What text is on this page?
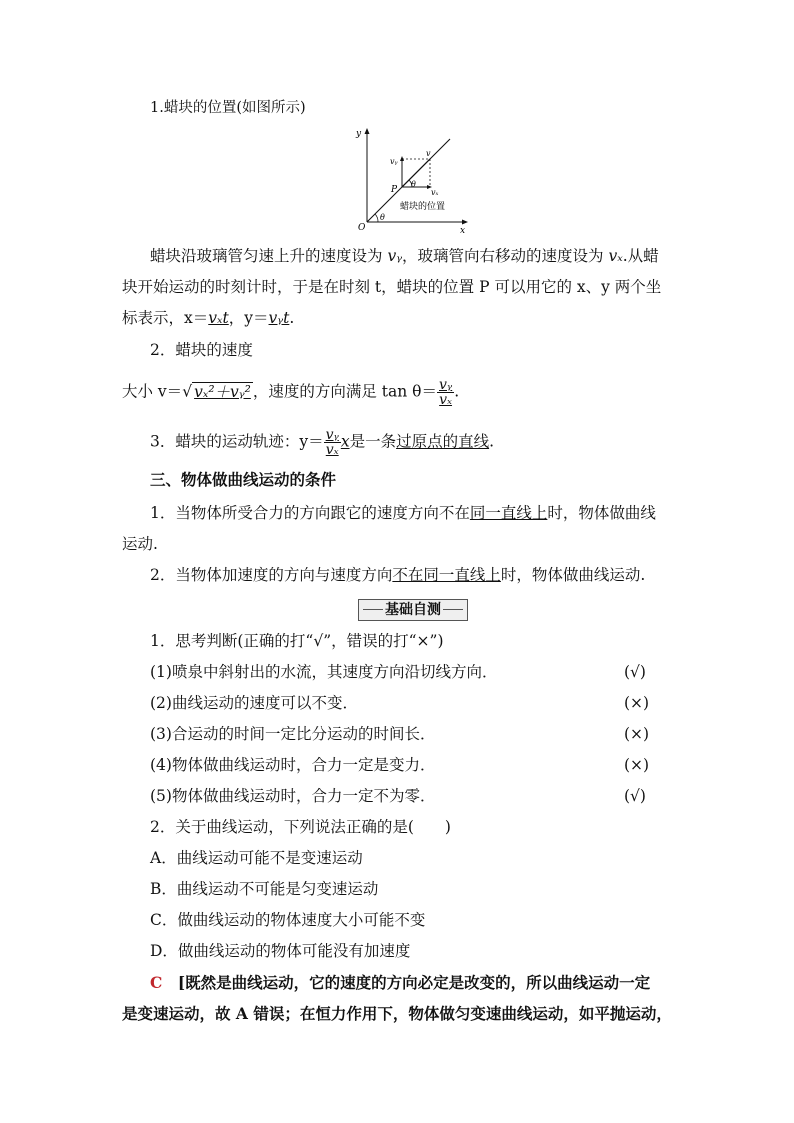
1.蜡块的位置(如图所示)
y
x
O
P
v
vᵧ
vₓ
θ
θ
蜡块的位置
蜡块沿玻璃管匀速上升的速度设为 vᵧ，玻璃管向右移动的速度设为 vₓ.从蜡
块开始运动的时刻计时，于是在时刻 t，蜡块的位置 P 可以用它的 x、y 两个坐
标表示，x＝vₓt，y＝vᵧt.
2．蜡块的速度
大小 v＝√ vₓ²＋vᵧ² ，速度的方向满足 $\tan \theta= \frac{\text{vᵧ}}{\text{vₓ}}$ .
3．蜡块的运动轨迹：$y= \frac{\text{vᵧ}}{\text{vₓ}}$ x是一条过原点的直线.
三、物体做曲线运动的条件
1．当物体所受合力的方向跟它的速度方向不在同一直线上时，物体做曲线
运动.
2．当物体加速度的方向与速度方向不在同一直线上时，物体做曲线运动.
基础自测
1．思考判断(正确的打“√”，错误的打“×”)
(1)喷泉中斜射出的水流，其速度方向沿切线方向．	(√)
(2)曲线运动的速度可以不变．	(×)
(3)合运动的时间一定比分运动的时间长．	(×)
(4)物体做曲线运动时，合力一定是变力．	(×)
(5)物体做曲线运动时，合力一定不为零．	(√)
2．关于曲线运动，下列说法正确的是(　　)
A．曲线运动可能不是变速运动
B．曲线运动不可能是匀变速运动
C．做曲线运动的物体速度大小可能不变
D．做曲线运动的物体可能没有加速度
C　[既然是曲线运动，它的速度的方向必定是改变的，所以曲线运动一定
是变速运动，故 A 错误；在恒力作用下，物体做匀变速曲线运动，如平抛运动，
